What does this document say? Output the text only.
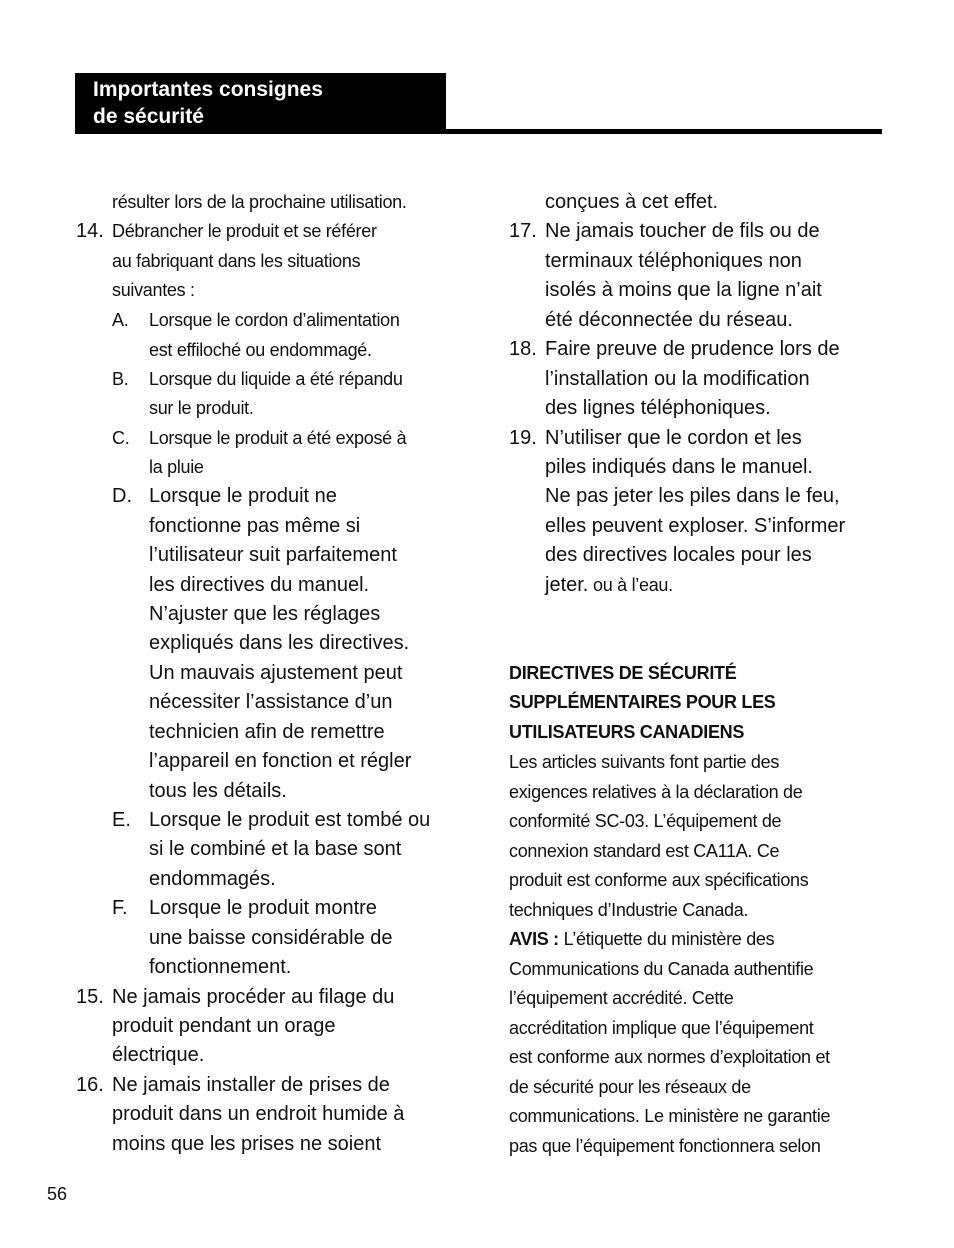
Importantes consignes
de sécurité
résulter lors de la prochaine utilisation.
14. Débrancher le produit et se référer
au fabriquant dans les situations
suivantes :
A. Lorsque le cordon d’alimentation
est effiloché ou endommagé.
B. Lorsque du liquide a été répandu
sur le produit.
C. Lorsque le produit a été exposé à
la pluie
D. Lorsque le produit ne
fonctionne pas même si
l’utilisateur suit parfaitement
les directives du manuel.
N’ajuster que les réglages
expliqués dans les directives.
Un mauvais ajustement peut
nécessiter l’assistance d’un
technicien afin de remettre
l’appareil en fonction et régler
tous les détails.
E. Lorsque le produit est tombé ou
si le combiné et la base sont
endommagés.
F. Lorsque le produit montre
une baisse considérable de
fonctionnement.
15. Ne jamais procéder au filage du
produit pendant un orage
électrique.
16. Ne jamais installer de prises de
produit dans un endroit humide à
moins que les prises ne soient
conçues à cet effet.
17. Ne jamais toucher de fils ou de
terminaux téléphoniques non
isolés à moins que la ligne n’ait
été déconnectée du réseau.
18. Faire preuve de prudence lors de
l’installation ou la modification
des lignes téléphoniques.
19. N’utiliser que le cordon et les
piles indiqués dans le manuel.
Ne pas jeter les piles dans le feu,
elles peuvent exploser. S’informer
des directives locales pour les
jeter. ou à l’eau.
DIRECTIVES DE SÉCURITÉ
SUPPLÉMENTAIRES POUR LES
UTILISATEURS CANADIENS
Les articles suivants font partie des
exigences relatives à la déclaration de
conformité SC-03. L’équipement de
connexion standard est CA11A. Ce
produit est conforme aux spécifications
techniques d’Industrie Canada.
AVIS : L’étiquette du ministère des
Communications du Canada authentifie
l’équipement accrédité. Cette
accréditation implique que l’équipement
est conforme aux normes d’exploitation et
de sécurité pour les réseaux de
communications. Le ministère ne garantie
pas que l’équipement fonctionnera selon
56
